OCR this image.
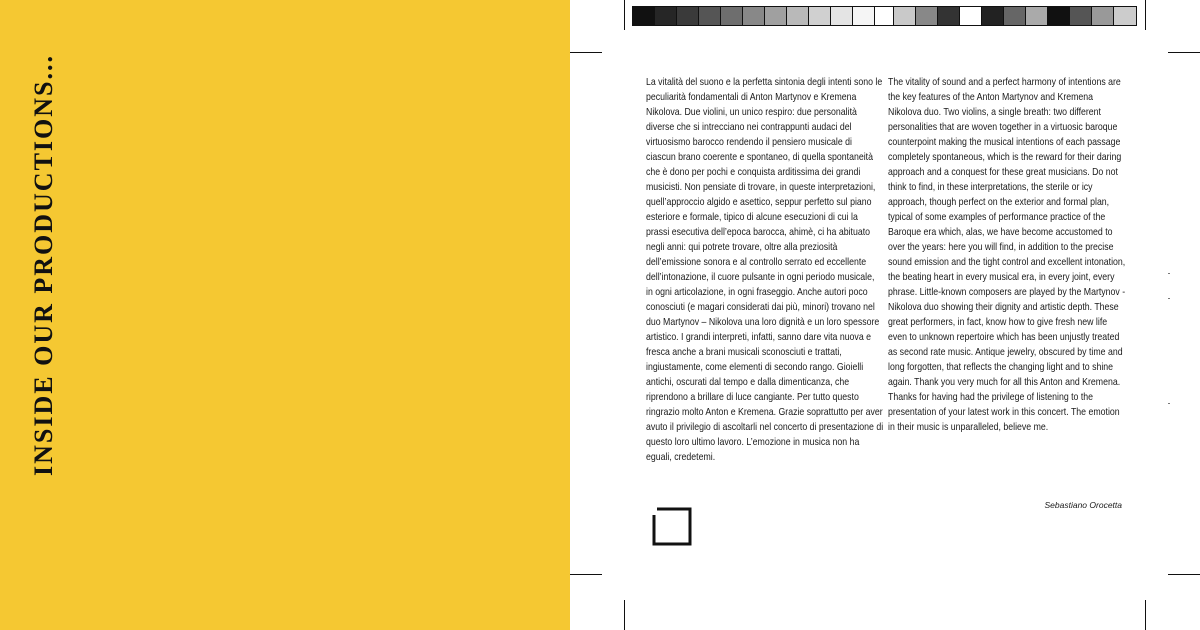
INSIDE OUR PRODUCTIONS...	La vitalità del suono e la perfetta sintonia degli intenti sono le peculiarità fondamentali di Anton Martynov e Kremena Nikolova. Due violini, un unico respiro: due personalità diverse che si intrecciano nei contrappunti audaci del virtuosismo barocco rendendo il pensiero musicale di ciascun brano coerente e spontaneo, di quella spontaneità che è dono per pochi e conquista arditissima dei grandi musicisti. Non pensiate di trovare, in queste interpretazioni, quell’approccio algido e asettico, seppur perfetto sul piano esteriore e formale, tipico di alcune esecuzioni di cui la prassi esecutiva dell’epoca barocca, ahimè, ci ha abituato negli anni: qui potrete trovare, oltre alla preziosità dell’emissione sonora e al controllo serrato ed eccellente dell’intonazione, il cuore pulsante in ogni periodo musicale, in ogni articolazione, in ogni fraseggio. Anche autori poco conosciuti (e magari considerati dai più, minori) trovano nel duo Martynov – Nikolova una loro dignità e un loro spessore artistico. I grandi interpreti, infatti, sanno dare vita nuova e fresca anche a brani musicali sconosciuti e trattati, ingiustamente, come elementi di secondo rango. Gioielli antichi, oscurati dal tempo e dalla dimenticanza, che riprendono a brillare di luce cangiante. Per tutto questo ringrazio molto Anton e Kremena. Grazie soprattutto per aver avuto il privilegio di ascoltarli nel concerto di presentazione di questo loro ultimo lavoro. L’emozione in musica non ha eguali, credetemi.
The vitality of sound and a perfect harmony of intentions are the key features of the Anton Martynov and Kremena Nikolova duo. Two violins, a single breath: two different personalities that are woven together in a virtuosic baroque counterpoint making the musical intentions of each passage completely spontaneous, which is the reward for their daring approach and a conquest for these great musicians. Do not think to find, in these interpretations, the sterile or icy approach, though perfect on the exterior and formal plan, typical of some examples of performance practice of the Baroque era which, alas, we have become accustomed to over the years: here you will find, in addition to the precise sound emission and the tight control and excellent intonation, the beating heart in every musical era, in every joint, every phrase. Little-known composers are played by the Martynov - Nikolova duo showing their dignity and artistic depth. These great performers, in fact, know how to give fresh new life even to unknown repertoire which has been unjustly treated as second rate music. Antique jewelry, obscured by time and long forgotten, that reflects the changing light and to shine again. Thank you very much for all this Anton and Kremena. Thanks for having had the privilege of listening to the presentation of your latest work in this concert. The emotion in their music is unparalleled, believe me.
Sebastiano Orocetta
